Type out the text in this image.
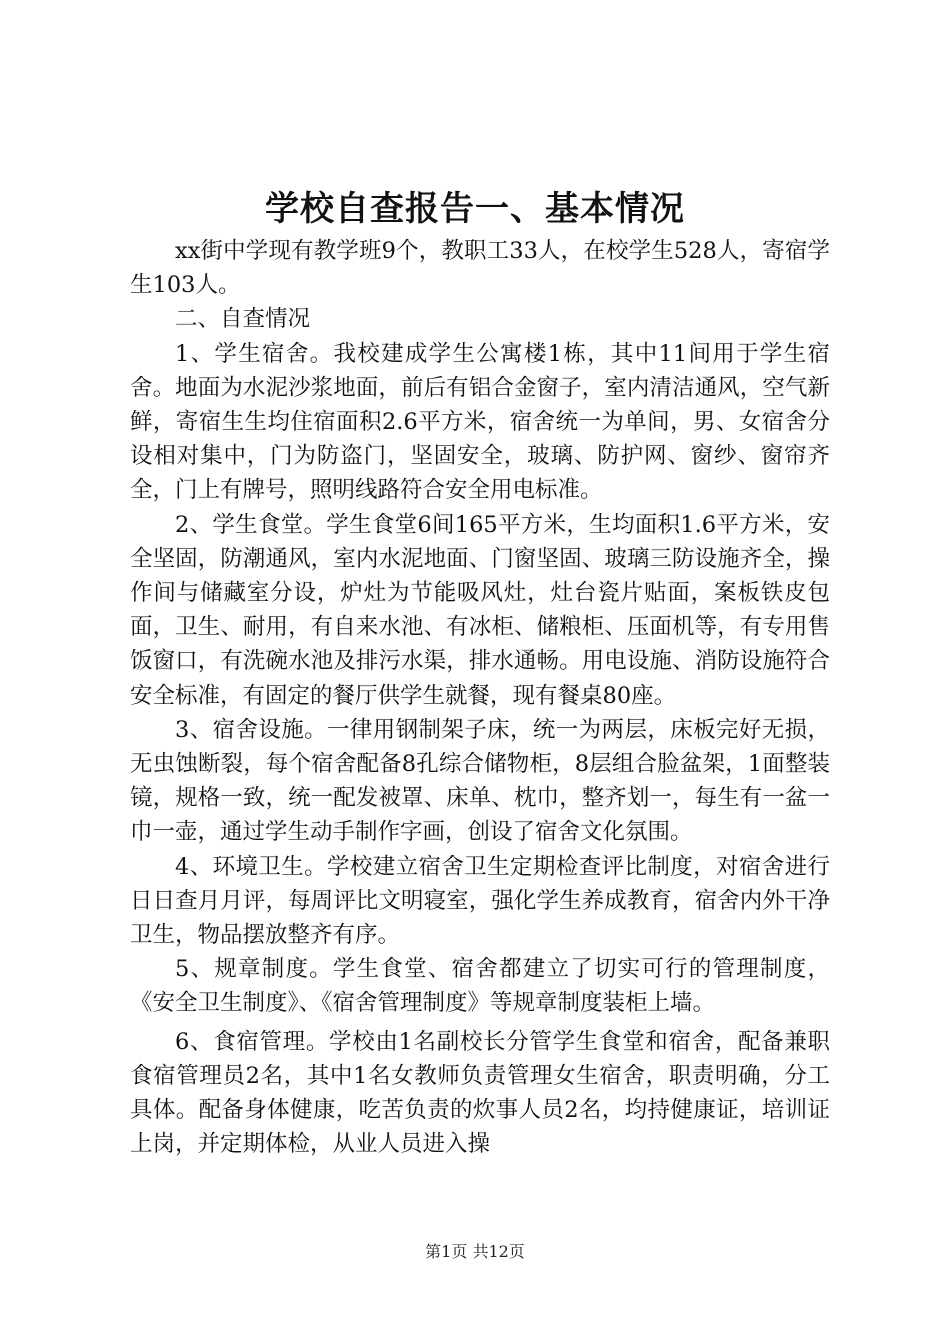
学校自查报告一、基本情况

xx街中学现有教学班9个，教职工33人，在校学生528人，寄宿学生103人。

二、自查情况

1、学生宿舍。我校建成学生公寓楼1栋，其中11间用于学生宿舍。地面为水泥沙浆地面，前后有铝合金窗子，室内清洁通风，空气新鲜，寄宿生生均住宿面积2.6平方米，宿舍统一为单间，男、女宿舍分设相对集中，门为防盗门，坚固安全，玻璃、防护网、窗纱、窗帘齐全，门上有牌号，照明线路符合安全用电标准。

2、学生食堂。学生食堂6间165平方米，生均面积1.6平方米，安全坚固，防潮通风，室内水泥地面、门窗坚固、玻璃三防设施齐全，操作间与储藏室分设，炉灶为节能吸风灶，灶台瓷片贴面，案板铁皮包面，卫生、耐用，有自来水池、有冰柜、储粮柜、压面机等，有专用售饭窗口，有洗碗水池及排污水渠，排水通畅。用电设施、消防设施符合安全标准，有固定的餐厅供学生就餐，现有餐桌80座。

3、宿舍设施。一律用钢制架子床，统一为两层，床板完好无损，无虫蚀断裂，每个宿舍配备8孔综合储物柜，8层组合脸盆架，1面整装镜，规格一致，统一配发被罩、床单、枕巾，整齐划一，每生有一盆一巾一壶，通过学生动手制作字画，创设了宿舍文化氛围。

4、环境卫生。学校建立宿舍卫生定期检查评比制度，对宿舍进行日日查月月评，每周评比文明寝室，强化学生养成教育，宿舍内外干净卫生，物品摆放整齐有序。

5、规章制度。学生食堂、宿舍都建立了切实可行的管理制度，《安全卫生制度》、《宿舍管理制度》等规章制度装柜上墙。

6、食宿管理。学校由1名副校长分管学生食堂和宿舍，配备兼职食宿管理员2名，其中1名女教师负责管理女生宿舍，职责明确，分工具体。配备身体健康，吃苦负责的炊事人员2名，均持健康证，培训证上岗，并定期体检，从业人员进入操

第1页 共12页
